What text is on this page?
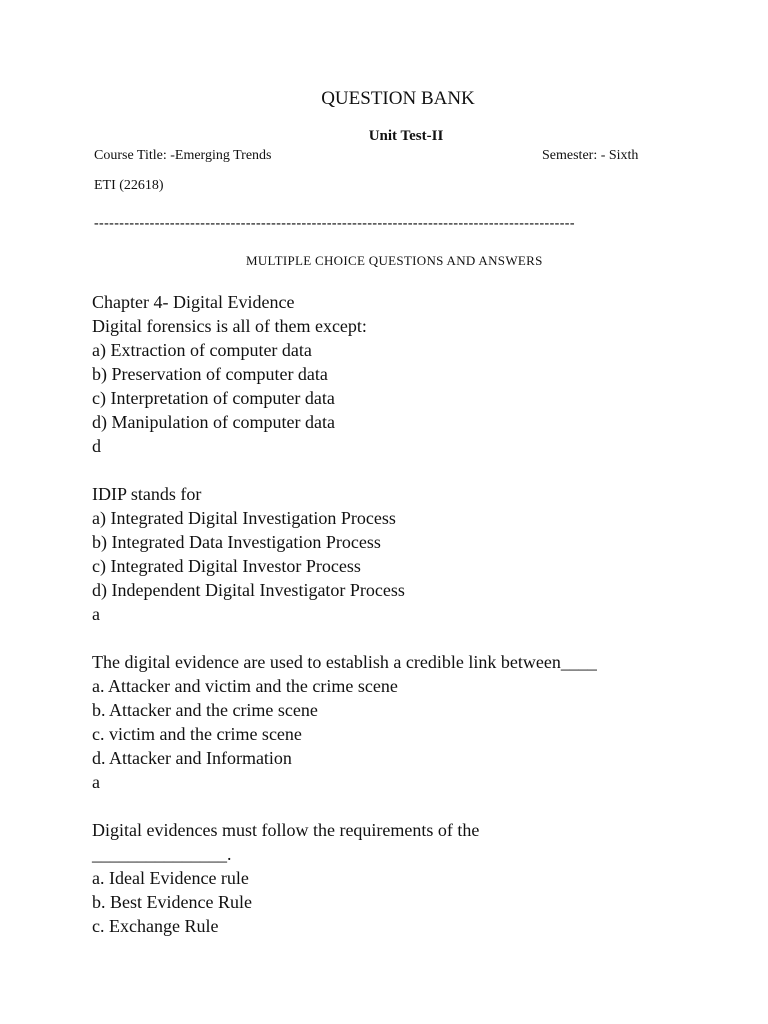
QUESTION BANK
Unit Test-II
Course Title: -Emerging Trends	Semester: - Sixth
ETI (22618)
-----------------------------------------------------------------------------------------------
MULTIPLE CHOICE QUESTIONS AND ANSWERS
Chapter 4- Digital Evidence
Digital forensics is all of them except:
a) Extraction of computer data
b) Preservation of computer data
c) Interpretation of computer data
d) Manipulation of computer data
d
IDIP stands for
a) Integrated Digital Investigation Process
b) Integrated Data Investigation Process
c) Integrated Digital Investor Process
d) Independent Digital Investigator Process
a
The digital evidence are used to establish a credible link between____
a. Attacker and victim and the crime scene
b. Attacker and the crime scene
c. victim and the crime scene
d. Attacker and Information
a
Digital evidences must follow the requirements of the
_______________.
a. Ideal Evidence rule
b. Best Evidence Rule
c. Exchange Rule
